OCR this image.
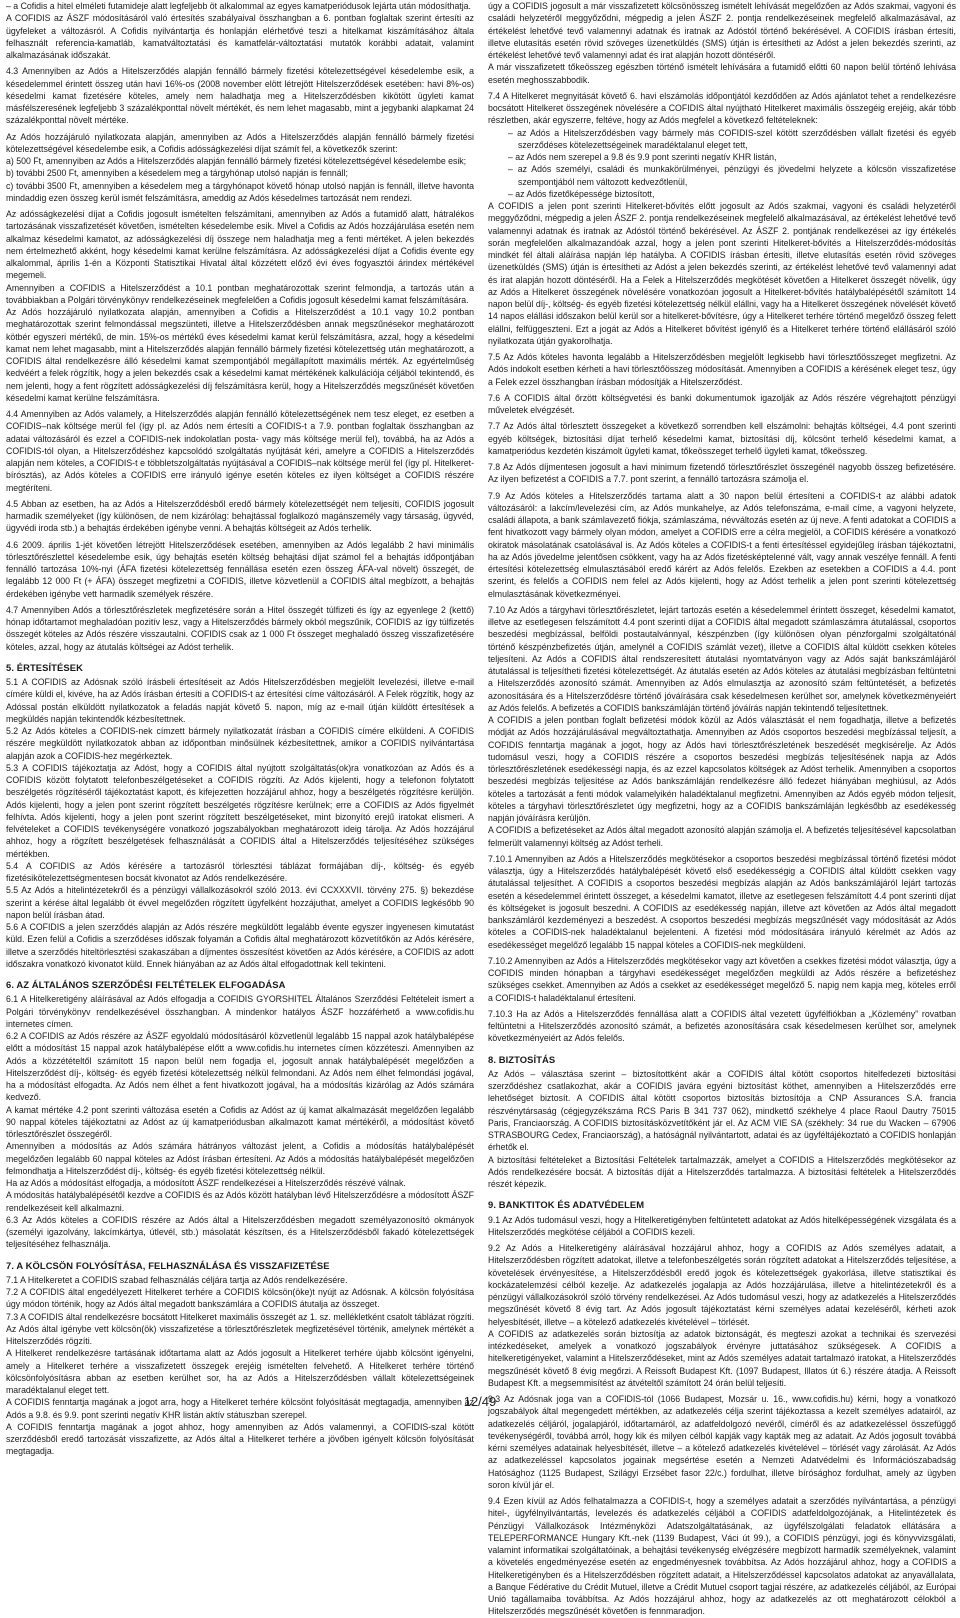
– a Cofidis a hitel elméleti futamideje alatt legfeljebb öt alkalommal az egyes kamatperiódusok lejárta után módosíthatja.

A COFIDIS az ÁSZF módosításáról való értesítés szabályaival összhangban a 6. pontban foglaltak szerint értesíti az ügyfeleket a változásról. A Cofidis nyilvántartja és honlapján elérhetővé teszi a hitelkamat kiszámításához általa felhasznált referencia-kamatláb, kamatváltoztatási és kamatfelár-változtatási mutatók korábbi adatait, valamint alkalmazásának időszakát.

4.3 Amennyiben az Adós a Hitelszerződés alapján fennálló bármely fizetési kötelezettségével késedelembe esik, a késedelemmel érintett összeg után havi 16%-os (2008 november elött létrejött Hitelszerződések esetében: havi 8%-os) késedelmi kamat fizetésére köteles, amely nem haladhatja meg a Hitelszerződésben kikötött ügyleti kamat másfélszeresének legfeljebb 3 százalékponttal növelt mértékét, és nem lehet magasabb, mint a jegybanki alapkamat 24 százalékponttal növelt mértéke.

Az Adós hozzájáruló nyilatkozata alapján, amennyiben az Adós a Hitelszerződés alapján fennálló bármely fizetési kötelezettségével késedelembe esik, a Cofidis adósságkezelési díjat számít fel, a következők szerint:

a) 500 Ft, amennyiben az Adós a Hitelszerződés alapján fennálló bármely fizetési kötelezettségével késedelembe esik;

b) további 2500 Ft, amennyiben a késedelem meg a tárgyhónap utolsó napján is fennáll;

c) további 3500 Ft, amennyiben a késedelem meg a tárgyhónapot követő hónap utolsó napján is fennáll, illetve havonta mindaddig ezen összeg kerül ismét felszámításra, ameddig az Adós késedelmes tartozását nem rendezi.

Az adósságkezelési díjat a Cofidis jogosult ismételten felszámítani, amennyiben az Adós a futamidő alatt, hátralékos tartozásának visszafizetését követően, ismételten késedelembe esik. Mivel a Cofidis az Adós hozzájárulása esetén nem alkalmaz késedelmi kamatot, az adósságkezelési díj összege nem haladhatja meg a fenti mértéket. A jelen bekezdés nem értelmezhető akként, hogy késedelmi kamat kerülne felszámításra. Az adósságkezelési díjat a Cofidis évente egy alkalommal, április 1-én a Központi Statisztikai Hivatal által közzétett előző évi éves fogyasztói árindex mértékével megemeli.

Amennyiben a COFIDIS a Hitelszerződést a 10.1 pontban meghatározottak szerint felmondja, a tartozás után a továbbiakban a Polgári törvénykönyv rendelkezéseinek megfelelően a Cofidis jogosult késedelmi kamat felszámítására.

Az Adós hozzájáruló nyilatkozata alapján, amennyiben a Cofidis a Hitelszerződést a 10.1 vagy 10.2 pontban meghatározottak szerint felmondással megszünteti, illetve a Hitelszerződésben annak megszűnésekor meghatározott kötbér egyszeri mértékű, de min. 15%-os mértékű éves késedelmi kamat kerül felszámításra, azzal, hogy a késedelmi kamat nem lehet magasabb, mint a Hitelszerződés alapján fennálló bármely fizetési kötelezettség után meghatározott, a COFIDIS által rendelkezésre álló késedelmi kamat szempontjából megállapított maximális mérték. Az egyértelműség kedvéért a felek rögzítik, hogy a jelen bekezdés csak a késedelmi kamat mértékének kalkulációja céljából tekintendő, és nem jelenti, hogy a fent rögzített adósságkezelési díj felszámításra kerül, hogy a Hitelszerződés megszűnését követően késedelmi kamat kerülne felszámításra.

4.4 Amennyiben az Adós valamely, a Hitelszerződés alapján fennálló kötelezettségének nem tesz eleget, ez esetben a COFIDIS–nak költsége merül fel (így pl. az Adós nem értesíti a COFIDIS-t a 7.9. pontban foglaltak összhangban az adatai változásáról és ezzel a COFIDIS-nek indokolatlan posta- vagy más költsége merül fel), továbbá, ha az Adós a COFIDIS-tól olyan, a Hitelszerződéshez kapcsolódó szolgáltatás nyújtását kéri, amelyre a COFIDIS a Hitelszerződés alapján nem köteles, a COFIDIS-t e többletszolgáltatás nyújtásával a COFIDIS–nak költsége merül fel (így pl. Hitelkeret-bírósztás), az Adós köteles a COFIDIS erre irányuló igénye esetén köteles ez ilyen költséget a COFIDIS részére megtéríteni.

4.5 Abban az esetben, ha az Adós a Hitelszerződésből eredő bármely kötelezettségét nem teljesíti, COFIDIS jogosult harmadik személyeket (így különösen, de nem kizárólag: behajtással foglalkozó magánszemély vagy társaság, ügyvéd, ügyvédi iroda stb.) a behajtás érdekében igénybe venni. A behajtás költségeit az Adós terhelik.

4.6 2009. április 1-jét követően létrejött Hitelszerződések esetében, amennyiben az Adós legalább 2 havi minimális törlesztőrészlettel késedelembe esik, úgy behajtás esetén költség behajtási díjat számol fel a behajtás időpontjában fennálló tartozása 10%-nyi (ÁFA fizetési kötelezettség fennállása esetén ezen összeg ÁFA-val növelt) összegét, de legalább 12 000 Ft (+ ÁFA) összeget megfizetni a COFIDIS, illetve közvetlenül a COFIDIS által megbízott, a behajtás érdekében igénybe vett harmadik személyek részére.

4.7 Amennyiben Adós a törlesztőrészletek megfizetésére során a Hitel összegét túlfizeti és így az egyenlege 2 (kettő) hónap időtartamot meghaladóan pozitív lesz, vagy a Hitelszerződés bármely okból megszűnik, COFIDIS az így túlfizetés összegét köteles az Adós részére visszautalni. COFIDIS csak az 1 000 Ft összeget meghaladó összeg visszafizetésére köteles, azzal, hogy az átutalás költségei az Adóst terhelik.

5. ÉRTESÍTÉSEK

5.1 A COFIDIS az Adósnak szóló írásbeli értesítéseit az Adós Hitelszerződésben megjelölt levelezési, illetve e-mail címére küldi el, kivéve, ha az Adós írásban értesíti a COFIDIS-t az értesítési címe változásáról. A Felek rögzítik, hogy az Adóssal postán elküldött nyilatkozatok a feladás napját követő 5. napon, míg az e-mail útján küldött értesítések a megküldés napján tekintendők kézbesítettnek.

5.2 Az Adós köteles a COFIDIS-nek címzett bármely nyilatkozatát írásban a COFIDIS címére elküldeni. A COFIDIS részére megküldött nyilatkozatok abban az időpontban minősülnek kézbesítettnek, amikor a COFIDIS nyilvántartása alapján azok a COFIDIS-hez megérkeztek.

5.3 A COFIDIS tájékoztatja az Adóst, hogy a COFIDIS által nyújtott szolgáltatás(ok)ra vonatkozóan az Adós és a COFIDIS között folytatott telefonbeszélgetéseket a COFIDIS rögzíti. Az Adós kijelenti, hogy a telefonon folytatott beszélgetés rögzítéséről tájékoztatást kapott, és kifejezetten hozzájárul ahhoz, hogy a beszélgetés rögzítésre kerüljön. Adós kijelenti, hogy a jelen pont szerint rögzített beszélgetés rögzítésre kerülnek; erre a COFIDIS az Adós figyelmét felhívta. Adós kijelenti, hogy a jelen pont szerint rögzített beszélgetéseket, mint bizonyító erejű iratokat elismeri. A felvételeket a COFIDIS tevékenységére vonatkozó jogszabályokban meghatározott ideig tárolja. Az Adós hozzájárul ahhoz, hogy a rögzített beszélgetések felhasználását a COFIDIS által a Hitelszerződés teljesítéséhez szükséges mértékben.

5.4 A COFIDIS az Adós kérésére a tartozásról törlesztési táblázat formájában díj-, költség- és egyéb fizetésikötelezettségmentesen bocsát kivonatot az Adós rendelkezésére.

5.5 Az Adós a hitelintézetekről és a pénzügyi vállalkozásokról szóló 2013. évi CCXXXVII. törvény 275. §) bekezdése szerint a kérése által legalább öt évvel megelőzően rögzített ügyfelként hozzájuthat, amelyet a COFIDIS legkésőbb 90 napon belül írásban átad.

5.6 A COFIDIS a jelen szerződés alapján az Adós részére megküldött legalább évente egyszer ingyenesen kimutatást küld. Ezen felül a Cofidis a szerződéses időszak folyamán a Cofidis által meghatározott közvetítőkön az Adós kérésére, illetve a szerződés hiteltörlesztési szakaszában a díjmentes összesítést követően az Adós kérésére, a COFIDIS az adott időszakra vonatkozó kivonatot küld. Ennek hiányában az az Adós által elfogadottnak kell tekinteni.

6. AZ ÁLTALÁNOS SZERZŐDÉSI FELTÉTELEK ELFOGADÁSA

6.1 A Hitelkeretigény aláírásával az Adós elfogadja a COFIDIS GYORSHITEL Általános Szerződési Feltételeit ismert a Polgári törvénykönyv rendelkezésével összhangban. A mindenkor hatályos ÁSZF hozzáférhető a www.cofidis.hu internetes címen.

6.2 A COFIDIS az Adós részére az ÁSZF egyoldalú módosításáról közvetlenül legalább 15 nappal azok hatálybalépése előtt a módosítást 15 nappal azok hatálybalépése előtt a www.cofidis.hu internetes címen közzéteszi. Amennyiben az Adós a közzétételtől számított 15 napon belül nem fogadja el, jogosult annak hatálybalépését megelőzően a Hitelszerződést díj-, költség- és egyéb fizetési kötelezettség nélkül felmondani. Az Adós nem élhet felmondási jogával, ha a módosítást elfogadta. Az Adós nem élhet a fent hivatkozott jogával, ha a módosítás kizárólag az Adós számára kedvező.

A kamat mértéke 4.2 pont szerinti változása esetén a Cofidis az Adóst az új kamat alkalmazását megelőzően legalább 90 nappal köteles tájékoztatni az Adóst az új kamatperiódusban alkalmazott kamat mértékéről, a módosítást követő törlesztőrészlet összegéről.

Amennyiben a módosítás az Adós számára hátrányos változást jelent, a Cofidis a módosítás hatálybalépését megelőzően legalább 60 nappal köteles az Adóst írásban értesíteni. Az Adós a módosítás hatálybalépését megelőzően felmondhatja a Hitelszerződést díj-, költség- és egyéb fizetési kötelezettség nélkül.

Ha az Adós a módosítást elfogadja, a módosított ÁSZF rendelkezései a Hitelszerződés részévé válnak.

A módosítás hatálybalépésétől kezdve a COFIDIS és az Adós között hatályban lévő Hitelszerződésre a módosított ÁSZF rendelkezéseit kell alkalmazni.

6.3 Az Adós köteles a COFIDIS részére az Adós által a Hitelszerződésben megadott személyazonosító okmányok (személyi igazolvány, lakcímkártya, útlevél, stb.) másolatát készítsen, és a Hitelszerződésből fakadó kötelezettségek teljesítéséhez felhasználja.

7. A KÖLCSÖN FOLYÓSÍTÁSA, FELHASZNÁLÁSA ÉS VISSZAFIZETÉSE

7.1 A Hitelkeretet a COFIDIS szabad felhasználás céljára tartja az Adós rendelkezésére.

7.2 A COFIDIS által engedélyezett Hitelkeret terhére a COFIDIS kölcsön(öke)t nyújt az Adósnak. A kölcsön folyósítása úgy módon történik, hogy az Adós által megadott bankszámlára a COFIDIS átutalja az összeget.

7.3 A COFIDIS által rendelkezésre bocsátott Hitelkeret maximális összegét az 1. sz. mellékletként csatolt táblázat rögzíti. Az Adós által igénybe vett kölcsön(ök) visszafizetése a törlesztőrészletek megfizetésével történik, amelynek mértékét a Hitelszerződés rögzíti.

A Hitelkeret rendelkezésre tartásának időtartama alatt az Adós jogosult a Hitelkeret terhére újabb kölcsönt igényelni, amely a Hitelkeret terhére a visszafizetett összegek erejéig ismételten felvehető. A Hitelkeret terhére történő kölcsönfolyósításra abban az esetben kerülhet sor, ha az Adós a Hitelszerződésben vállalt kötelezettségeinek maradéktalanul eleget tett.

A COFIDIS fenntartja magának a jogot arra, hogy a Hitelkeret terhére kölcsönt folyósítását megtagadja, amennyiben az Adós a 9.8. és 9.9. pont szerinti negatív KHR listán aktív státuszban szerepel.

A COFIDIS fenntartja magának a jogot ahhoz, hogy amennyiben az Adós valamennyi, a COFIDIS-szal kötött szerződésből eredő tartozását visszafizette, az Adós által a Hitelkeret terhére a jövőben igényelt kölcsön folyósítását megtagadja.

úgy a COFIDIS jogosult a már visszafizetett kölcsönösszeg ismételt lehívását megelőzően az Adós szakmai, vagyoni és családi helyzetéről meggyőződni, mégpedig a jelen ÁSZF 2. pontja rendelkezéseinek megfelelő alkalmazásával, az értékelést lehetővé tevő valamennyi adatnak és iratnak az Adóstól történő bekérésével. A COFIDIS írásban értesíti, illetve elutasítás esetén rövid szöveges üzenetküldés (SMS) útján is értesítheti az Adóst a jelen bekezdés szerinti, az értékelést lehetővé tevő valamennyi adat és irat alapján hozott döntéséről.

A már visszafizetett tőkeösszeg egészben történő ismételt lehívására a futamidő előtti 60 napon belül történő lehívása esetén meghosszabbodik.

7.4 A Hitelkeret megnyitását követő 6. havi elszámolás időpontjától kezdődően az Adós ajánlatot tehet a rendelkezésre bocsátott Hitelkeret összegének növelésére a COFIDIS által nyújtható Hitelkeret maximális összegéig erejéig, akár több részletben, akár egyszerre, feltéve, hogy az Adós megfelel a következő feltételeknek:

– az Adós a Hitelszerződésben vagy bármely más COFIDIS-szel kötött szerződésben vállalt fizetési és egyéb szerződéses kötelezettségeinek maradéktalanul eleget tett,

– az Adós nem szerepel a 9.8 és 9.9 pont szerinti negatív KHR listán,

– az Adós személyi, családi és munkakörülményei, pénzügyi és jövedelmi helyzete a kölcsön visszafizetése szempontjából nem változott kedvezőtlenül,

– az Adós fizetőképessége biztosított,

A COFIDIS a jelen pont szerinti Hitelkeret-bővítés előtt jogosult az Adós szakmai, vagyoni és családi helyzetéről meggyőződni, mégpedig a jelen ÁSZF 2. pontja rendelkezéseinek megfelelő alkalmazásával, az értékelést lehetővé tevő valamennyi adatnak és iratnak az Adóstól történő bekérésével. Az ÁSZF 2. pontjának rendelkezései az így értékelés során megfelelően alkalmazandóak azzal, hogy a jelen pont szerinti Hitelkeret-bővítés a Hitelszerződés-módosítás mindkét fél általi aláírása napján lép hatályba. A COFIDIS írásban értesíti, illetve elutasítás esetén rövid szöveges üzenetküldés (SMS) útján is értesítheti az Adóst a jelen bekezdés szerinti, az értékelést lehetővé tevő valamennyi adat és irat alapján hozott döntéséről. Ha a Felek a Hitelszerződés megkötését követően a Hitelkeret összegét növelik, úgy az Adós a Hitelkeret összegének növelésére vonatkozóan jogosult a Hitelkeret-bővítés hatálybalépésétől számított 14 napon belül díj-, költség- és egyéb fizetési kötelezettség nélkül elállni, vagy ha a Hitelkeret összegének növelését követő 14 napos elállási időszakon belül kerül sor a hitelkeret-bővítésre, úgy a Hitelkeret terhére történő megelőző összeg felett elállni, felfüggeszteni. Ezt a jogát az Adós a Hitelkeret bővítést igénylő és a Hitelkeret terhére történő elállásáról szóló nyilatkozata útján gyakorolhatja.

7.5 Az Adós köteles havonta legalább a Hitelszerződésben megjelölt legkisebb havi törlesztőösszeget megfizetni. Az Adós indokolt esetben kérheti a havi törlesztőösszeg módosítását. Amennyiben a COFIDIS a kérésének eleget tesz, úgy a Felek ezzel összhangban írásban módosítják a Hitelszerződést.

7.6 A COFIDIS által őrzött költségvetési és banki dokumentumok igazolják az Adós részére végrehajtott pénzügyi műveletek elvégzését.

7.7 Az Adós által törlesztett összegeket a következő sorrendben kell elszámolni: behajtás költségei, 4.4 pont szerinti egyéb költségek, biztosítási díjat terhelő késedelmi kamat, biztosítási díj, kölcsönt terhelő késedelmi kamat, a kamatperiódus kezdetén kiszámolt ügyleti kamat, tőkeösszeget terhelő ügyleti kamat, tőkeösszeg.

7.8 Az Adós díjmentesen jogosult a havi minimum fizetendő törlesztőrészlet összegénél nagyobb összeg befizetésére. Az ilyen befizetést a COFIDIS a 7.7. pont szerint, a fennálló tartozásra számolja el.

7.9 Az Adós köteles a Hitelszerződés tartama alatt a 30 napon belül értesíteni a COFIDIS-t az alábbi adatok változásáról: a lakcím/levelezési cím, az Adós munkahelye, az Adós telefonszáma, e-mail címe, a vagyoni helyzete, családi állapota, a bank számlavezető fiókja, számlaszáma, névváltozás esetén az új neve. A fenti adatokat a COFIDIS a fent hivatkozott vagy bármely olyan módon, amelyet a COFIDIS erre a célra megjelöl, a COFIDIS kérésére a vonatkozó okiratok másolatának csatolásával is. Az Adós köteles a COFIDIS-t a fenti értesítéssel egyidejűleg írásban tájékoztatni, ha az Adós jövedelme jelentősen csökkent, vagy ha az Adós fizetésképtelenné vált, vagy annak veszélye fennáll. A fenti értesítési kötelezettség elmulasztásából eredő kárért az Adós felelős. Ezekben az esetekben a COFIDIS a 4.4. pont szerint, és felelős a COFIDIS nem felel az Adós kijelenti, hogy az Adóst terhelik a jelen pont szerinti kötelezettség elmulasztásának következményei.

7.10 Az Adós a tárgyhavi törlesztőrészletet, lejárt tartozás esetén a késedelemmel érintett összeget, késedelmi kamatot, illetve az esetlegesen felszámított 4.4 pont szerinti díjat a COFIDIS által megadott számlaszámra átutalással, csoportos beszedési megbízással, belföldi postautalvánnyal, készpénzben (így különösen olyan pénzforgalmi szolgáltatónál történő készpénzbefizetés útján, amelynél a COFIDIS számlát vezet), illetve a COFIDIS által küldött csekken köteles teljesíteni. Az Adós a COFIDIS által rendszeresített átutalási nyomtatványon vagy az Adós saját bankszámlájáról átutalással is teljesítheti fizetési kötelezettségét. Az átutalás esetén az Adós köteles az átutalási megbízásban feltüntetni a Hitelszerződés azonosító számát. Amennyiben az Adós elmulasztja az azonosító szám feltüntetését, a befizetés azonosítására és a Hitelszerződésre történő jóváírására csak késedelmesen kerülhet sor, amelynek következményeiért az Adós felelős. A befizetés a COFIDIS bankszámláján történő jóváírás napján tekintendő teljesítettnek.

A COFIDIS a jelen pontban foglalt befizetési módok közül az Adós választását el nem fogadhatja, illetve a befizetés módját az Adós hozzájárulásával megváltoztathatja. Amennyiben az Adós csoportos beszedési megbízással teljesít, a COFIDIS fenntartja magának a jogot, hogy az Adós havi törlesztőrészletének beszedését megkísérelje. Az Adós tudomásul veszi, hogy a COFIDIS részére a csoportos beszedési megbízás teljesítésének napja az Adós törlesztőrészletének esedékességi napja, és az ezzel kapcsolatos költségek az Adóst terhelik. Amennyiben a csoportos beszedési megbízás teljesítése az Adós bankszámláján rendelkezésre álló fedezet hiányában meghiúsul, az Adós köteles a tartozását a fenti módok valamelyikén haladéktalanul megfizetni. Amennyiben az Adós egyéb módon teljesít, köteles a tárgyhavi törlesztőrészletet úgy megfizetni, hogy az a COFIDIS bankszámláján legkésőbb az esedékesség napján jóváírásra kerüljön.

A COFIDIS a befizetéseket az Adós által megadott azonosító alapján számolja el. A befizetés teljesítésével kapcsolatban felmerült valamennyi költség az Adóst terheli.

7.10.1 Amennyiben az Adós a Hitelszerződés megkötésekor a csoportos beszedési megbízással történő fizetési módot választja, úgy a Hitelszerződés hatálybalépését követő első esedékességig a COFIDIS által küldött csekken vagy átutalással teljesíthet. A COFIDIS a csoportos beszedési megbízás alapján az Adós bankszámlájáról lejárt tartozás esetén a késedelemmel érintett összeget, a késedelmi kamatot, illetve az esetlegesen felszámított 4.4 pont szerinti díjat és költségeket is jogosult beszedni. A COFIDIS az esedékesség napján, illetve azt követően az Adós által megadott bankszámláról kezdeményezi a beszedést. A csoportos beszedési megbízás megszűnését vagy módosítását az Adós köteles a COFIDIS-nek haladéktalanul bejelenteni. A fizetési mód módosítására irányuló kérelmét az Adós az esedékességet megelőző legalább 15 nappal köteles a COFIDIS-nek megküldeni.

7.10.2 Amennyiben az Adós a Hitelszerződés megkötésekor vagy azt követően a csekkes fizetési módot választja, úgy a COFIDIS minden hónapban a tárgyhavi esedékességet megelőzően megküldi az Adós részére a befizetéshez szükséges csekket. Amennyiben az Adós a csekket az esedékességet megelőző 5. napig nem kapja meg, köteles erről a COFIDIS-t haladéktalanul értesíteni.

7.10.3 Ha az Adós a Hitelszerződés fennállása alatt a COFIDIS által vezetett ügyfélfiókban a „Közlemény” rovatban feltüntetni a Hitelszerződés azonosító számát, a befizetés azonosítására csak késedelmesen kerülhet sor, amelynek következményeiért az Adós felelős.

8. BIZTOSÍTÁS

Az Adós – választása szerint – biztosítottként akár a COFIDIS által kötött csoportos hitelfedezeti biztosítási szerződéshez csatlakozhat, akár a COFIDIS javára egyéni biztosítást köthet, amennyiben a Hitelszerződés erre lehetőséget biztosít. A COFIDIS által kötött csoportos biztosítás biztosítója a CNP Assurances S.A. francia részvénytársaság (cégjegyzékszáma RCS Paris B 341 737 062), mindkettő székhelye 4 place Raoul Dautry 75015 Paris, Franciaország. A COFIDIS biztosításközvetítőként jár el. Az ACM VIE SA (székhely: 34 rue du Wacken – 67906 STRASBOURG Cedex, Franciaország), a hatóságnál nyilvántartott, adatai és az ügyféltájékoztató a COFIDIS honlapján érhetők el.

A biztosítási feltételeket a Biztosítási Feltételek tartalmazzák, amelyet a COFIDIS a Hitelszerződés megkötésekor az Adós rendelkezésére bocsát. A biztosítás díját a Hitelszerződés tartalmazza. A biztosítási feltételek a Hitelszerződés részét képezik.

9. BANKTITOK ÉS ADATVÉDELEM

9.1 Az Adós tudomásul veszi, hogy a Hitelkeretigényben feltüntetett adatokat az Adós hitelképességének vizsgálata és a Hitelszerződés megkötése céljából a COFIDIS kezeli.

9.2 Az Adós a Hitelkeretigény aláírásával hozzájárul ahhoz, hogy a COFIDIS az Adós személyes adatait, a Hitelszerződésben rögzített adatokat, illetve a telefonbeszélgetés során rögzített adatokat a Hitelszerződés teljesítése, a követelések érvényesítése, a Hitelszerződésből eredő jogok és kötelezettségek gyakorlása, illetve statisztikai és kockázatelemzési célból kezelje. Az adatkezelés jogalapja az Adós hozzájárulása, illetve a hitelintézetekről és a pénzügyi vállalkozásokról szóló törvény rendelkezései. Az Adós tudomásul veszi, hogy az adatkezelés a Hitelszerződés megszűnését követő 8 évig tart. Az Adós jogosult tájékoztatást kérni személyes adatai kezeléséről, kérheti azok helyesbítését, illetve – a kötelező adatkezelés kivételével – törlését.

A COFIDIS az adatkezelés során biztosítja az adatok biztonságát, és megteszi azokat a technikai és szervezési intézkedéseket, amelyek a vonatkozó jogszabályok érvényre juttatásához szükségesek. A COFIDIS a hitelkeretigényeket, valamint a Hitelszerződéseket, mint az Adós személyes adatait tartalmazó iratokat, a Hitelszerződés megszűnését követő 8 évig megőrzi. A Reissoft Budapest Kft. (1097 Budapest, Illatos út 6.) részére átadja. A Reissoft Budapest Kft. a megsemmisítést az átvételtől számított 24 órán belül teljesíti.

9.3 Az Adósnak joga van a COFIDIS-tól (1066 Budapest, Mozsár u. 16., www.cofidis.hu) kérni, hogy a vonatkozó jogszabályok által megengedett mértékben, az adatkezelés célja szerint tájékoztassa a kezelt személyes adatairól, az adatkezelés céljáról, jogalapjáról, időtartamáról, az adatfeldolgozó nevéről, címéről és az adatkezeléssel összefüggő tevékenységéről, továbbá arról, hogy kik és milyen célból kapják vagy kapták meg az adatait. Az Adós jogosult továbbá kérni személyes adatainak helyesbítését, illetve – a kötelező adatkezelés kivételével – törlését vagy zárolását. Az Adós az adatkezeléssel kapcsolatos jogainak megsértése esetén a Nemzeti Adatvédelmi és Információszabadság Hatósághoz (1125 Budapest, Szilágyi Erzsébet fasor 22/c.) fordulhat, illetve bírósághoz fordulhat, amely az ügyben soron kívül jár el.

9.4 Ezen kívül az Adós felhatalmazza a COFIDIS-t, hogy a személyes adatait a szerződés nyilvántartása, a pénzügyi hitel-, ügyfélnyilvántartás, levelezés és adatkezelés céljából a COFIDIS adatfeldolgozójának, a Hitelintézetek és Pénzügyi Vállalkozások Intézményközi Adatszolgáltatásának, az ügyfélszolgálati feladatok ellátására a TELEPERFORMANCE Hungary Kft.-nek (1139 Budapest, Váci út 99.), a COFIDIS pénzügyi, jogi és könyvvizsgálati, valamint informatikai szolgáltatóinak, a behajtási tevékenység elvégzésére megbízott harmadik személyeknek, valamint a követelés engedményezése esetén az engedményesnek továbbítsa. Az Adós hozzájárul ahhoz, hogy a COFIDIS a Hitelkeretigényben és a Hitelszerződésben rögzített adatait, a Hitelszerződéssel kapcsolatos adatokat az anyavállalata, a Banque Fédérative du Crédit Mutuel, illetve a Crédit Mutuel csoport tagjai részére, az adatkezelés céljából, az Európai Unió tagállamaiba továbbítsa. Az Adós hozzájárul ahhoz, hogy az adatkezelés az ott meghatározott célokból a Hitelszerződés megszűnését követően is fennmaradjon.

12/49
